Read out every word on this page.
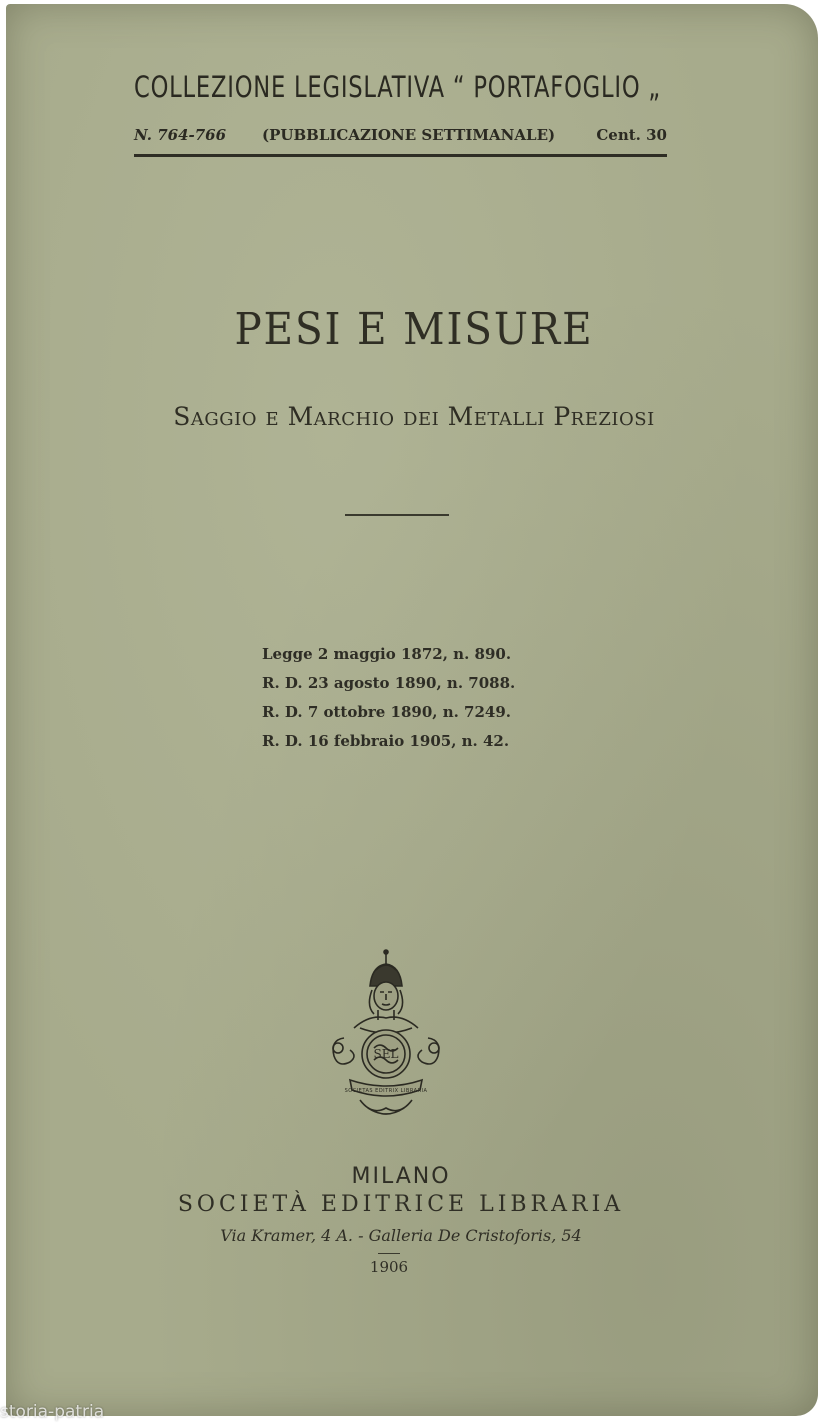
COLLEZIONE LEGISLATIVA “ PORTAFOGLIO „
N. 764-766 (PUBBLICAZIONE SETTIMANALE)	Cent. 30
PESI E MISURE
Saggio e Marchio dei Metalli Preziosi
Legge 2 maggio 1872, n. 890.
R. D. 23 agosto 1890, n. 7088.
R. D. 7 ottobre 1890, n. 7249.
R. D. 16 febbraio 1905, n. 42.
SEL
SOCIETAS EDITRIX LIBRARIA
MILANO
SOCIETÀ EDITRICE LIBRARIA
Via Kramer, 4 A. - Galleria De Cristoforis, 54
1906
storia-patria
